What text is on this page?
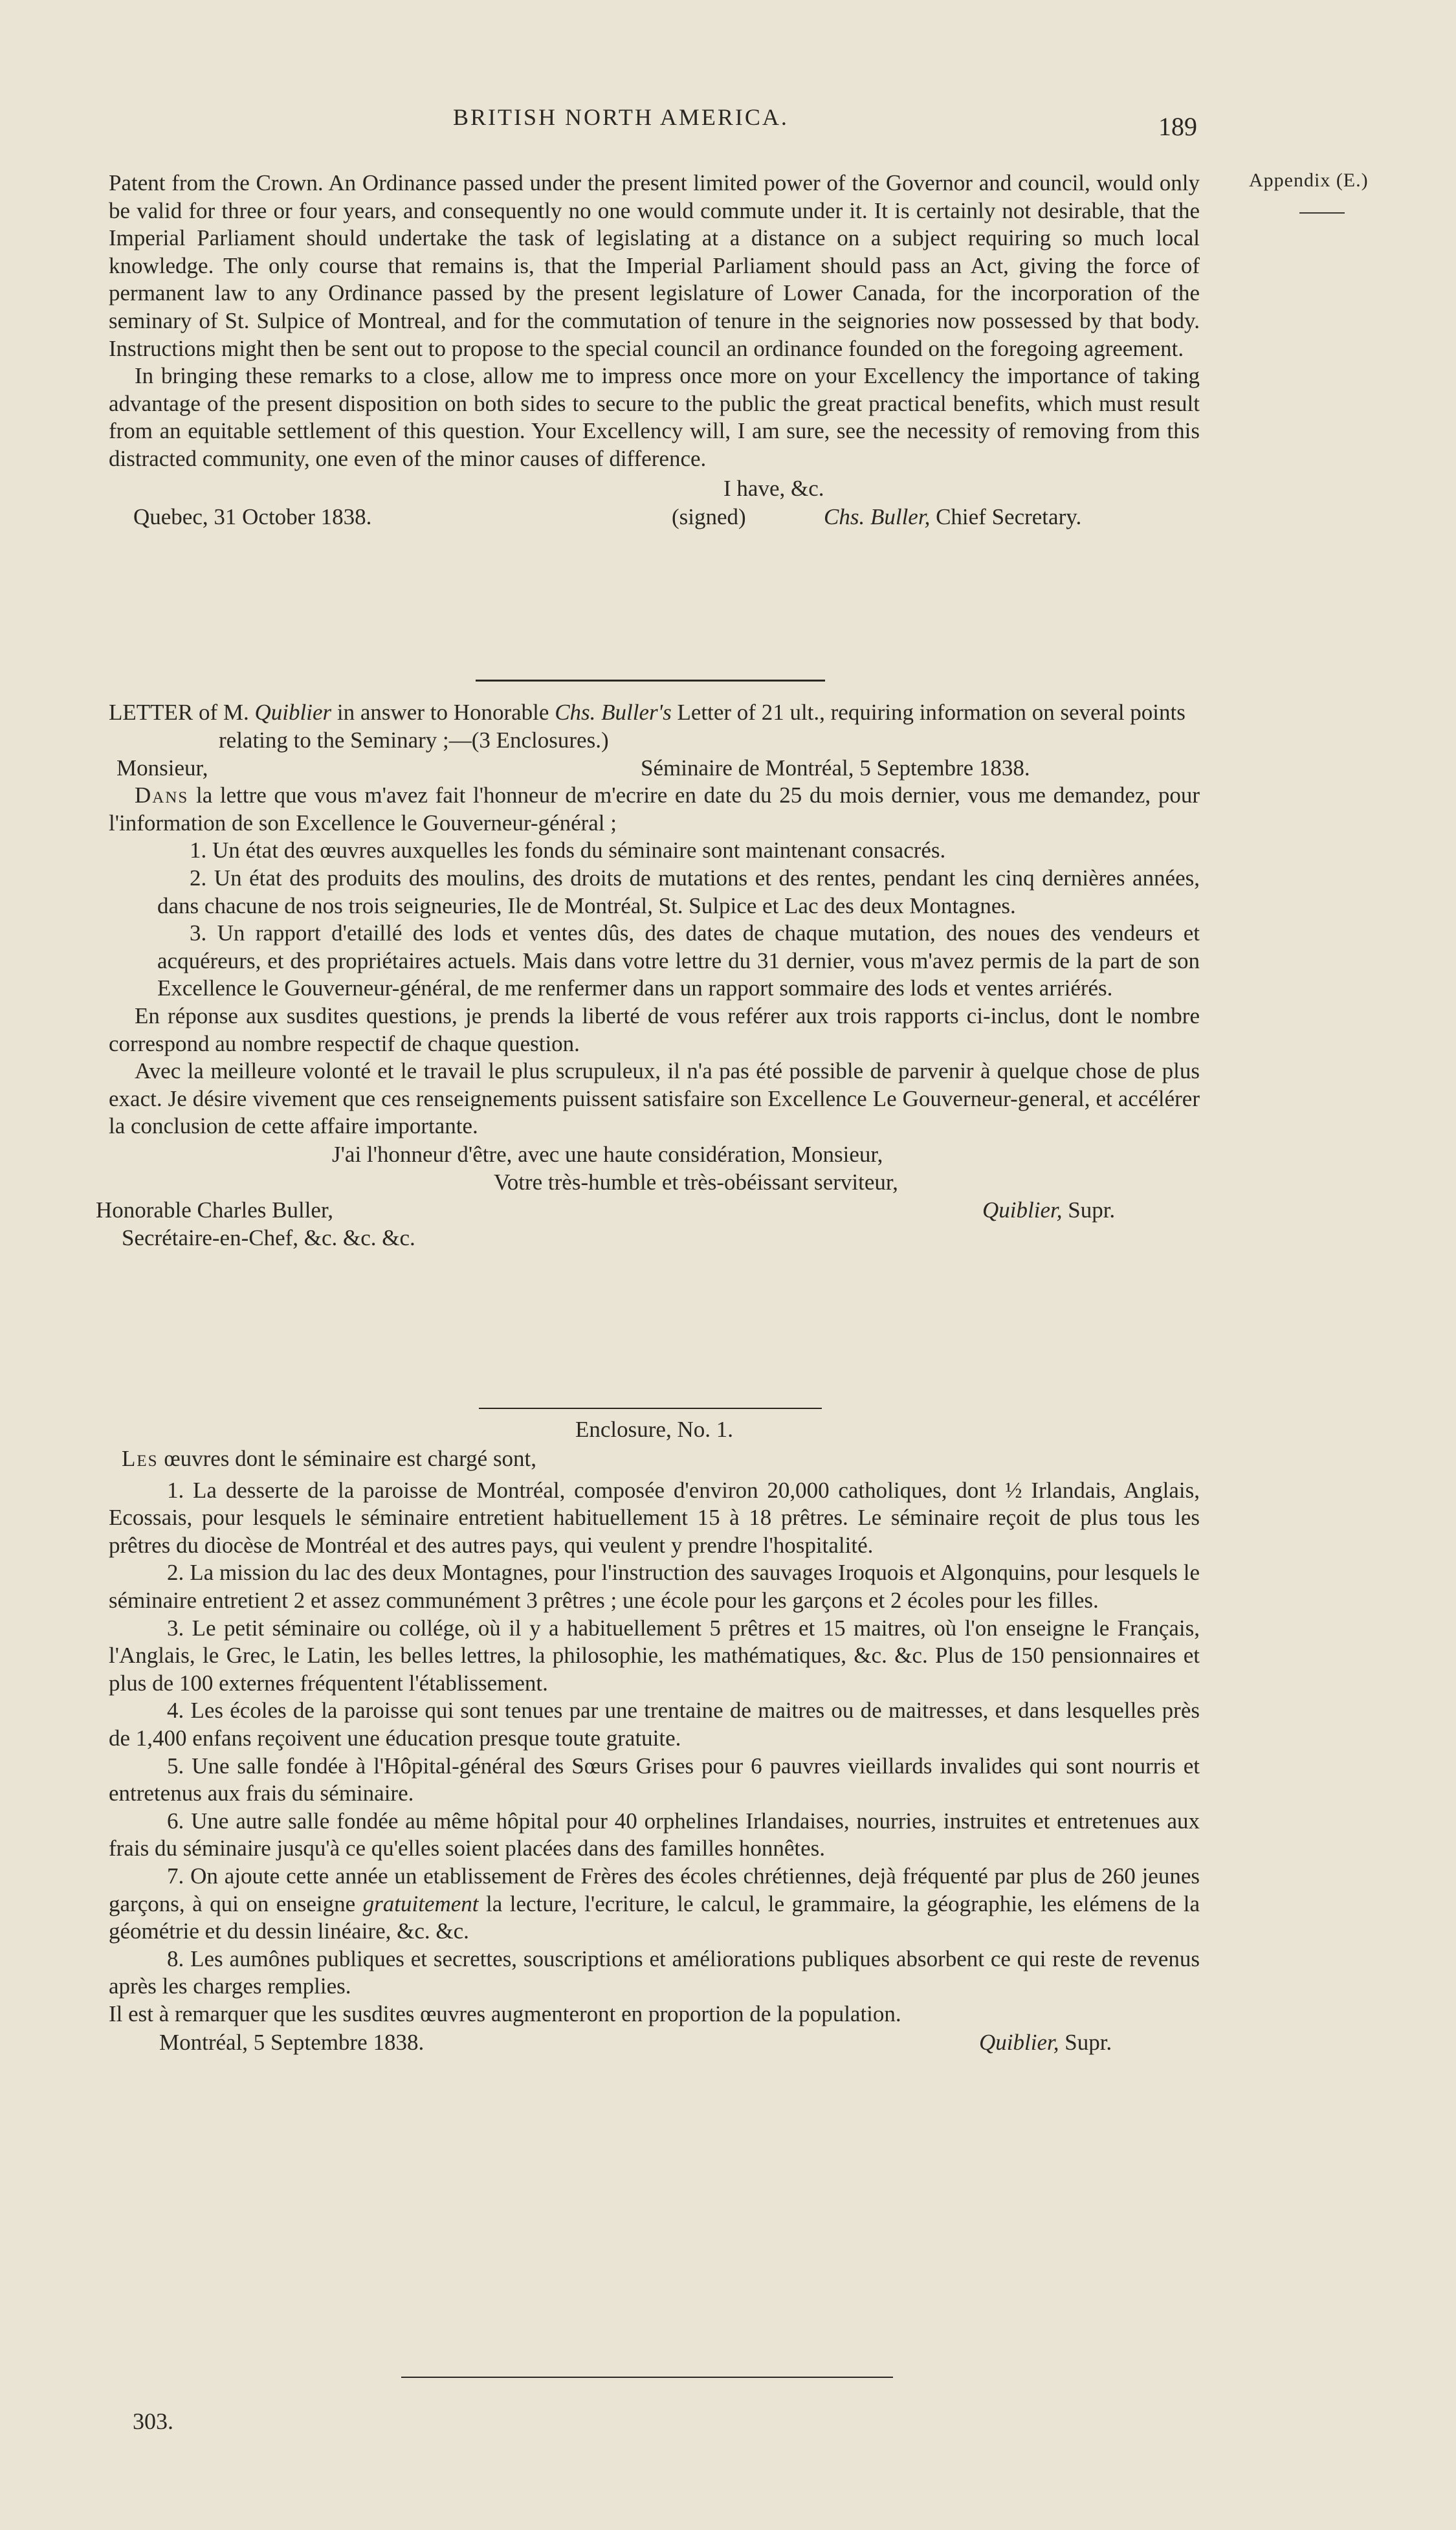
BRITISH NORTH AMERICA.	189
Appendix (E.)

Patent from the Crown. An Ordinance passed under the present limited power of the Governor and council, would only be valid for three or four years, and consequently no one would commute under it. It is certainly not desirable, that the Imperial Parliament should undertake the task of legislating at a distance on a subject requiring so much local knowledge. The only course that remains is, that the Imperial Parliament should pass an Act, giving the force of permanent law to any Ordinance passed by the present legislature of Lower Canada, for the incorporation of the seminary of St. Sulpice of Montreal, and for the commutation of tenure in the seignories now possessed by that body. Instructions might then be sent out to propose to the special council an ordinance founded on the foregoing agreement.

In bringing these remarks to a close, allow me to impress once more on your Excellency the importance of taking advantage of the present disposition on both sides to secure to the public the great practical benefits, which must result from an equitable settlement of this question. Your Excellency will, I am sure, see the necessity of removing from this distracted community, one even of the minor causes of difference.

I have, &c.
Quebec, 31 October 1838.	(signed)	Chs. Buller, Chief Secretary.

LETTER of M. Quiblier in answer to Honorable Chs. Buller's Letter of 21 ult., requiring information on several points relating to the Seminary ;—(3 Enclosures.)

Monsieur,	Séminaire de Montréal, 5 Septembre 1838.

Dans la lettre que vous m'avez fait l'honneur de m'ecrire en date du 25 du mois dernier, vous me demandez, pour l'information de son Excellence le Gouverneur-général ;

1. Un état des œuvres auxquelles les fonds du séminaire sont maintenant consacrés.

2. Un état des produits des moulins, des droits de mutations et des rentes, pendant les cinq dernières années, dans chacune de nos trois seigneuries, Ile de Montréal, St. Sulpice et Lac des deux Montagnes.

3. Un rapport d'etaillé des lods et ventes dûs, des dates de chaque mutation, des noues des vendeurs et acquéreurs, et des propriétaires actuels. Mais dans votre lettre du 31 dernier, vous m'avez permis de la part de son Excellence le Gouverneur-général, de me renfermer dans un rapport sommaire des lods et ventes arriérés.

En réponse aux susdites questions, je prends la liberté de vous reférer aux trois rapports ci-inclus, dont le nombre correspond au nombre respectif de chaque question.

Avec la meilleure volonté et le travail le plus scrupuleux, il n'a pas été possible de parvenir à quelque chose de plus exact. Je désire vivement que ces renseignements puissent satisfaire son Excellence Le Gouverneur-general, et accélérer la conclusion de cette affaire importante.

J'ai l'honneur d'être, avec une haute considération, Monsieur,
Votre très-humble et très-obéissant serviteur,
Honorable Charles Buller,	Quiblier, Supr.
Secrétaire-en-Chef, &c. &c. &c.
Enclosure, No. 1.

Les œuvres dont le séminaire est chargé sont,

1. La desserte de la paroisse de Montréal, composée d'environ 20,000 catholiques, dont ½ Irlandais, Anglais, Ecossais, pour lesquels le séminaire entretient habituellement 15 à 18 prêtres. Le séminaire reçoit de plus tous les prêtres du diocèse de Montréal et des autres pays, qui veulent y prendre l'hospitalité.

2. La mission du lac des deux Montagnes, pour l'instruction des sauvages Iroquois et Algonquins, pour lesquels le séminaire entretient 2 et assez communément 3 prêtres ; une école pour les garçons et 2 écoles pour les filles.

3. Le petit séminaire ou collége, où il y a habituellement 5 prêtres et 15 maitres, où l'on enseigne le Français, l'Anglais, le Grec, le Latin, les belles lettres, la philosophie, les mathématiques, &c. &c. Plus de 150 pensionnaires et plus de 100 externes fréquentent l'établissement.

4. Les écoles de la paroisse qui sont tenues par une trentaine de maitres ou de maitresses, et dans lesquelles près de 1,400 enfans reçoivent une éducation presque toute gratuite.

5. Une salle fondée à l'Hôpital-général des Sœurs Grises pour 6 pauvres vieillards invalides qui sont nourris et entretenus aux frais du séminaire.

6. Une autre salle fondée au même hôpital pour 40 orphelines Irlandaises, nourries, instruites et entretenues aux frais du séminaire jusqu'à ce qu'elles soient placées dans des familles honnêtes.

7. On ajoute cette année un etablissement de Frères des écoles chrétiennes, dejà fréquenté par plus de 260 jeunes garçons, à qui on enseigne gratuitement la lecture, l'ecriture, le calcul, le grammaire, la géographie, les elémens de la géométrie et du dessin linéaire, &c. &c.

8. Les aumônes publiques et secrettes, souscriptions et améliorations publiques absorbent ce qui reste de revenus après les charges remplies.

Il est à remarquer que les susdites œuvres augmenteront en proportion de la population.

Montréal, 5 Septembre 1838.	Quiblier, Supr.
303.
